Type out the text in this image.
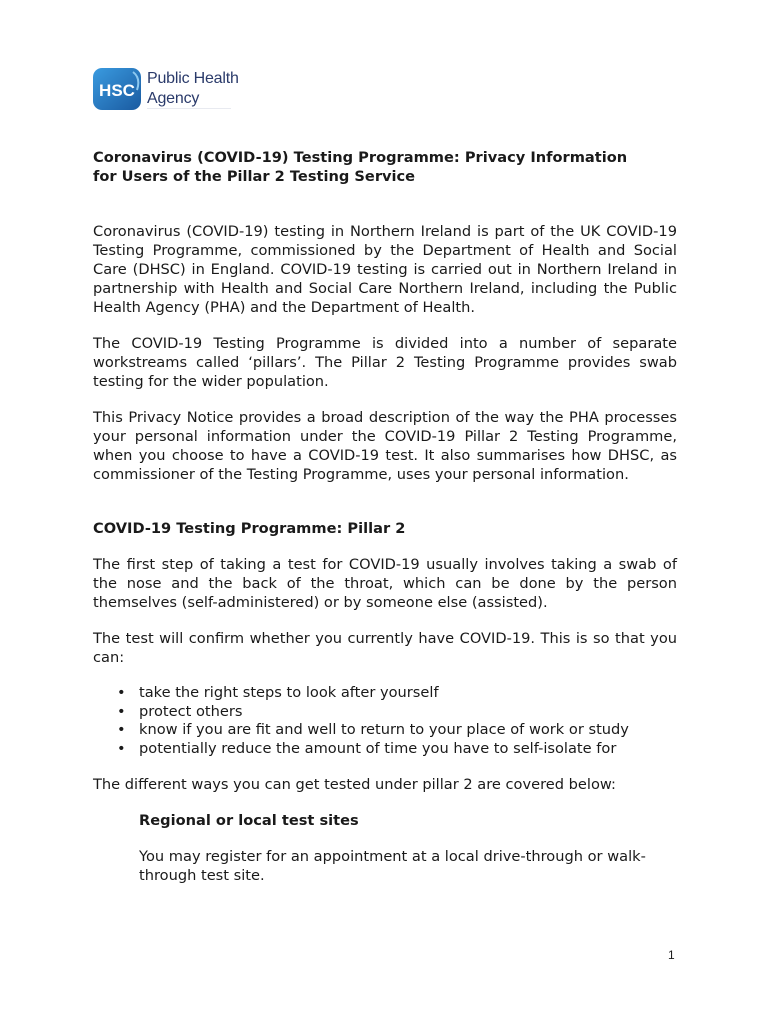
HSC
Public Health
Agency
Coronavirus (COVID-19) Testing Programme: Privacy Information
for Users of the Pillar 2 Testing Service

Coronavirus (COVID-19) testing in Northern Ireland is part of the UK COVID-19 Testing Programme, commissioned by the Department of Health and Social Care (DHSC) in England. COVID-19 testing is carried out in Northern Ireland in partnership with Health and Social Care Northern Ireland, including the Public Health Agency (PHA) and the Department of Health.

The COVID-19 Testing Programme is divided into a number of separate workstreams called ‘pillars’. The Pillar 2 Testing Programme provides swab testing for the wider population.

This Privacy Notice provides a broad description of the way the PHA processes your personal information under the COVID-19 Pillar 2 Testing Programme, when you choose to have a COVID-19 test. It also summarises how DHSC, as commissioner of the Testing Programme, uses your personal information.

COVID-19 Testing Programme: Pillar 2

The first step of taking a test for COVID-19 usually involves taking a swab of the nose and the back of the throat, which can be done by the person themselves (self-administered) or by someone else (assisted).

The test will confirm whether you currently have COVID-19. This is so that you can:

• take the right steps to look after yourself
• protect others
• know if you are fit and well to return to your place of work or study
• potentially reduce the amount of time you have to self-isolate for

The different ways you can get tested under pillar 2 are covered below:

Regional or local test sites

You may register for an appointment at a local drive-through or walk-through test site.

1
